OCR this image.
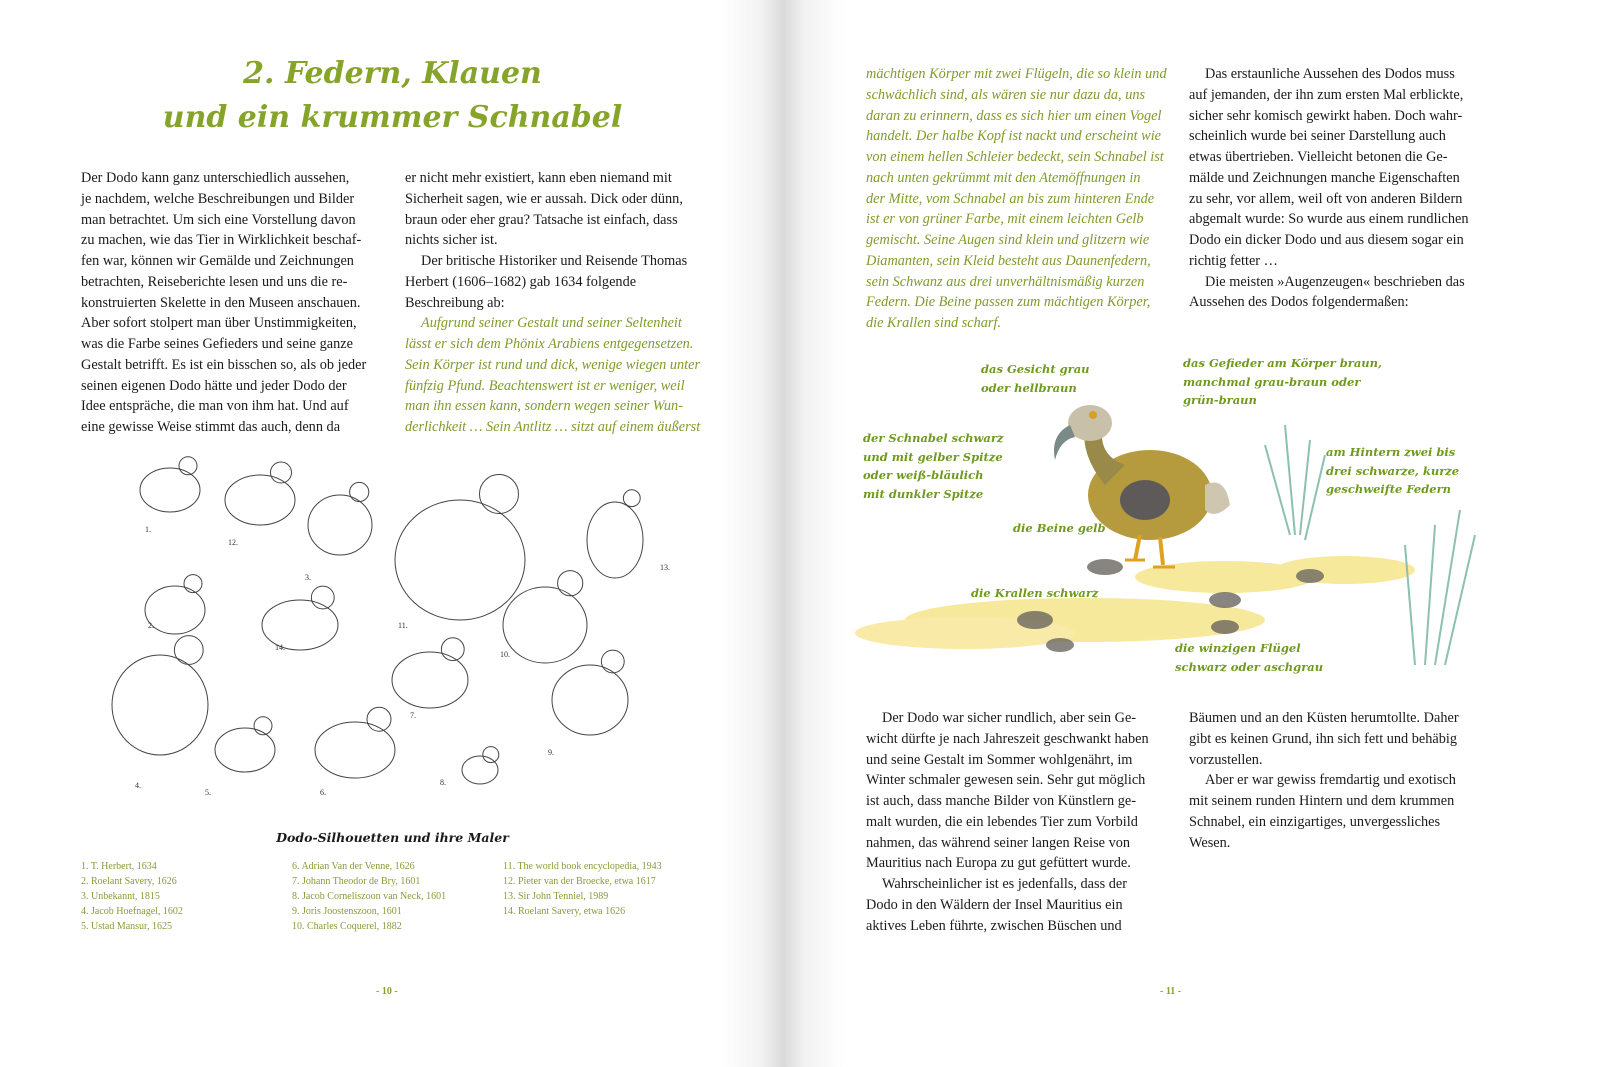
2. Federn, Klauen
und ein krummer Schnabel
Der Dodo kann ganz unterschiedlich aussehen,
je nachdem, welche Beschreibungen und Bilder
man betrachtet. Um sich eine Vorstellung davon
zu machen, wie das Tier in Wirklichkeit beschaf-
fen war, können wir Gemälde und Zeichnungen
betrachten, Reiseberichte lesen und uns die re-
konstruierten Skelette in den Museen anschauen.
Aber sofort stolpert man über Unstimmigkeiten,
was die Farbe seines Gefieders und seine ganze
Gestalt betrifft. Es ist ein bisschen so, als ob jeder
seinen eigenen Dodo hätte und jeder Dodo der
Idee entspräche, die man von ihm hat. Und auf
eine gewisse Weise stimmt das auch, denn da
er nicht mehr existiert, kann eben niemand mit
Sicherheit sagen, wie er aussah. Dick oder dünn,
braun oder eher grau? Tatsache ist einfach, dass
nichts sicher ist.
Der britische Historiker und Reisende Thomas
Herbert (1606–1682) gab 1634 folgende
Beschreibung ab:
Aufgrund seiner Gestalt und seiner Seltenheit
lässt er sich dem Phönix Arabiens entgegensetzen.
Sein Körper ist rund und dick, wenige wiegen unter
fünfzig Pfund. Beachtenswert ist er weniger, weil
man ihn essen kann, sondern wegen seiner Wun-
derlichkeit … Sein Antlitz … sitzt auf einem äußerst
1.
2.
3.
4.
5.	6.
7.
8.
9.
10.
11.
12.
13.
14.
Dodo-Silhouetten und ihre Maler
1. T. Herbert, 1634
2. Roelant Savery, 1626
3. Unbekannt, 1815
4. Jacob Hoefnagel, 1602
5. Ustad Mansur, 1625
6. Adrian Van der Venne, 1626
7. Johann Theodor de Bry, 1601
8. Jacob Corneliszoon van Neck, 1601
9. Joris Joostenszoon, 1601
10. Charles Coquerel, 1882
11. The world book encyclopedia, 1943
12. Pieter van der Broecke, etwa 1617
13. Sir John Tenniel, 1989
14. Roelant Savery, etwa 1626
- 10 -
mächtigen Körper mit zwei Flügeln, die so klein und
schwächlich sind, als wären sie nur dazu da, uns
daran zu erinnern, dass es sich hier um einen Vogel
handelt. Der halbe Kopf ist nackt und erscheint wie
von einem hellen Schleier bedeckt, sein Schnabel ist
nach unten gekrümmt mit den Atemöffnungen in
der Mitte, vom Schnabel an bis zum hinteren Ende
ist er von grüner Farbe, mit einem leichten Gelb
gemischt. Seine Augen sind klein und glitzern wie
Diamanten, sein Kleid besteht aus Daunenfedern,
sein Schwanz aus drei unverhältnismäßig kurzen
Federn. Die Beine passen zum mächtigen Körper,
die Krallen sind scharf.
Das erstaunliche Aussehen des Dodos muss
auf jemanden, der ihn zum ersten Mal erblickte,
sicher sehr komisch gewirkt haben. Doch wahr-
scheinlich wurde bei seiner Darstellung auch
etwas übertrieben. Vielleicht betonen die Ge-
mälde und Zeichnungen manche Eigenschaften
zu sehr, vor allem, weil oft von anderen Bildern
abgemalt wurde: So wurde aus einem rundlichen
Dodo ein dicker Dodo und aus diesem sogar ein
richtig fetter …
Die meisten »Augenzeugen« beschrieben das
Aussehen des Dodos folgendermaßen:
das Gesicht grau
oder hellbraun
das Gefieder am Körper braun,
manchmal grau-braun oder
grün-braun
der Schnabel schwarz
und mit gelber Spitze
oder weiß-bläulich
mit dunkler Spitze
am Hintern zwei bis
drei schwarze, kurze
geschweifte Federn
die Beine gelb
die Krallen schwarz
die winzigen Flügel
schwarz oder aschgrau
Der Dodo war sicher rundlich, aber sein Ge-
wicht dürfte je nach Jahreszeit geschwankt haben
und seine Gestalt im Sommer wohlgenährt, im
Winter schmaler gewesen sein. Sehr gut möglich
ist auch, dass manche Bilder von Künstlern ge-
malt wurden, die ein lebendes Tier zum Vorbild
nahmen, das während seiner langen Reise von
Mauritius nach Europa zu gut gefüttert wurde.
Wahrscheinlicher ist es jedenfalls, dass der
Dodo in den Wäldern der Insel Mauritius ein
aktives Leben führte, zwischen Büschen und
Bäumen und an den Küsten herumtollte. Daher
gibt es keinen Grund, ihn sich fett und behäbig
vorzustellen.
Aber er war gewiss fremdartig und exotisch
mit seinem runden Hintern und dem krummen
Schnabel, ein einzigartiges, unvergessliches
Wesen.
- 11 -
